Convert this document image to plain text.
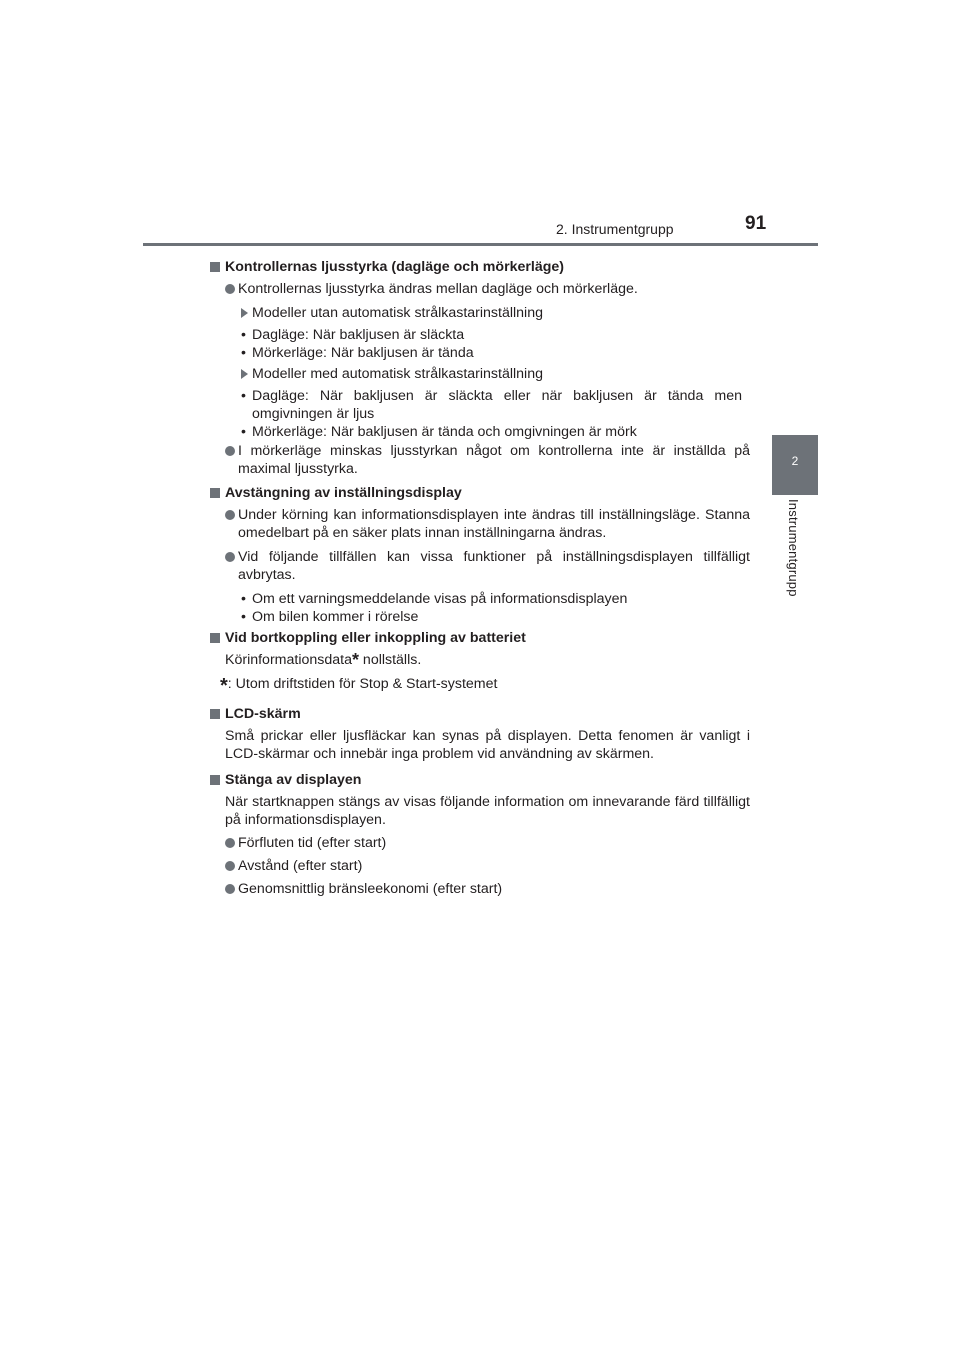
2. Instrumentgrupp	91
2
Instrumentgrupp
Kontrollernas ljusstyrka (dagläge och mörkerläge)
Kontrollernas ljusstyrka ändras mellan dagläge och mörkerläge.
Modeller utan automatisk strålkastarinställning
• Dagläge: När bakljusen är släckta
• Mörkerläge: När bakljusen är tända
Modeller med automatisk strålkastarinställning
• Dagläge: När bakljusen är släckta eller när bakljusen är tända men omgivningen är ljus
• Mörkerläge: När bakljusen är tända och omgivningen är mörk
I mörkerläge minskas ljusstyrkan något om kontrollerna inte är inställda på maximal ljusstyrka.
Avstängning av inställningsdisplay
Under körning kan informationsdisplayen inte ändras till inställningsläge. Stanna omedelbart på en säker plats innan inställningarna ändras.
Vid följande tillfällen kan vissa funktioner på inställningsdisplayen tillfälligt avbrytas.
• Om ett varningsmeddelande visas på informationsdisplayen
• Om bilen kommer i rörelse
Vid bortkoppling eller inkoppling av batteriet
Körinformationsdata* nollställs.
*: Utom driftstiden för Stop & Start-systemet
LCD-skärm
Små prickar eller ljusfläckar kan synas på displayen. Detta fenomen är vanligt i LCD-skärmar och innebär inga problem vid användning av skärmen.
Stänga av displayen
När startknappen stängs av visas följande information om innevarande färd tillfälligt på informationsdisplayen.
Förfluten tid (efter start)
Avstånd (efter start)
Genomsnittlig bränsleekonomi (efter start)
